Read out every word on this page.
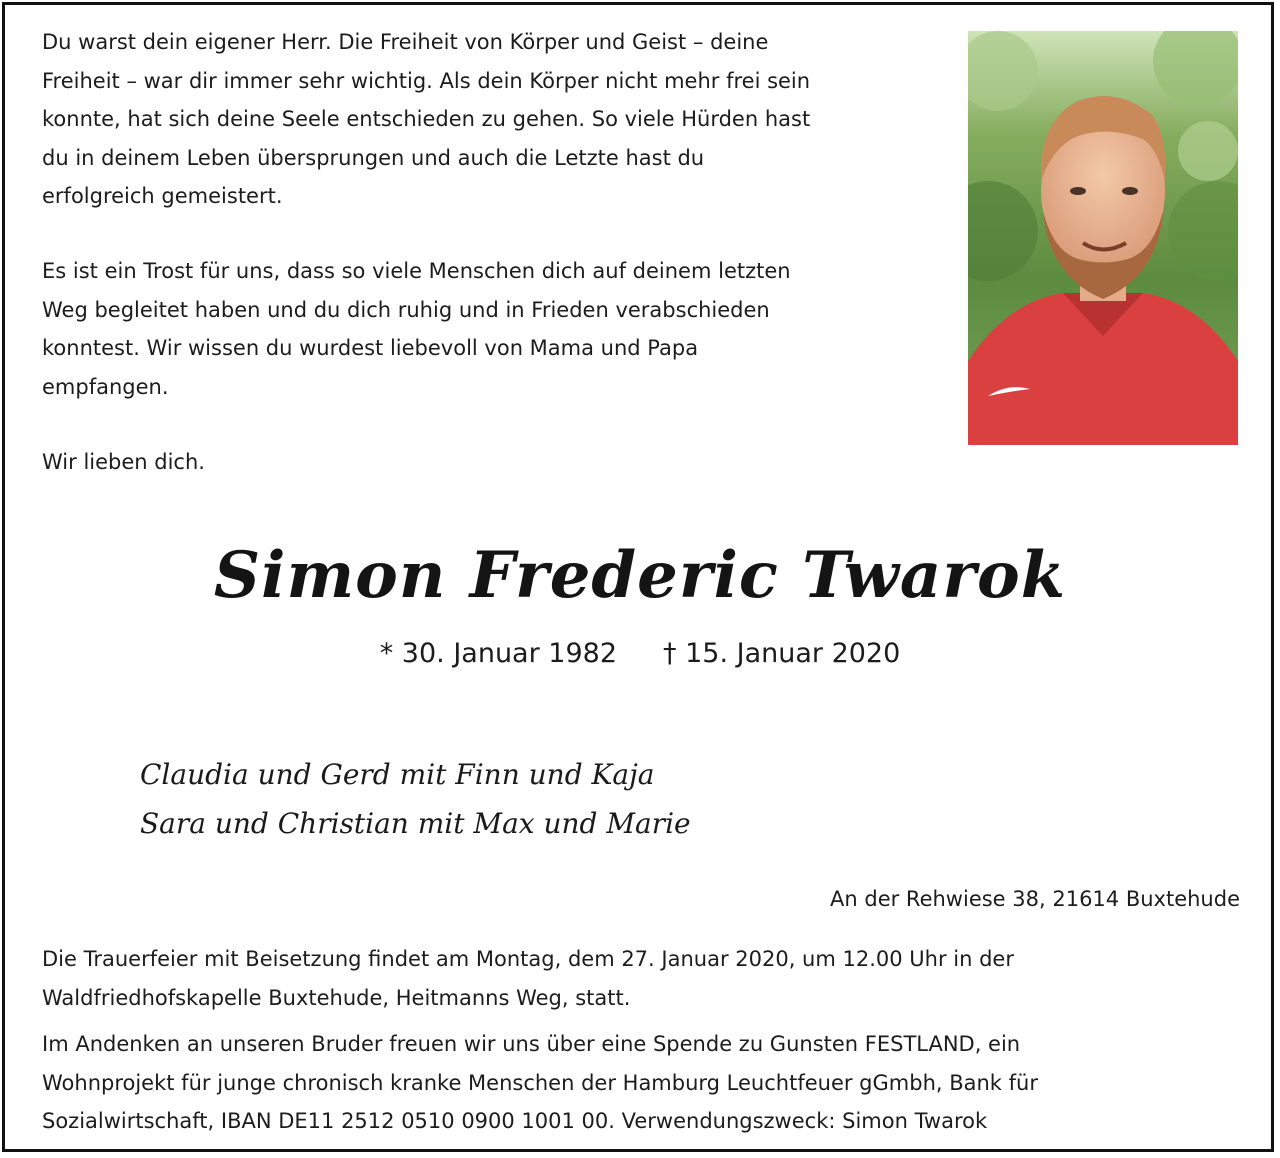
Du warst dein eigener Herr. Die Freiheit von Körper und Geist – deine
Freiheit – war dir immer sehr wichtig. Als dein Körper nicht mehr frei sein
konnte, hat sich deine Seele entschieden zu gehen. So viele Hürden hast
du in deinem Leben übersprungen und auch die Letzte hast du
erfolgreich gemeistert.
Es ist ein Trost für uns, dass so viele Menschen dich auf deinem letzten
Weg begleitet haben und du dich ruhig und in Frieden verabschieden
konntest. Wir wissen du wurdest liebevoll von Mama und Papa
empfangen.
Wir lieben dich.
Simon Frederic Twarok
* 30. Januar 1982 † 15. Januar 2020
Claudia und Gerd mit Finn und Kaja
Sara und Christian mit Max und Marie
An der Rehwiese 38, 21614 Buxtehude
Die Trauerfeier mit Beisetzung findet am Montag, dem 27. Januar 2020, um 12.00 Uhr in der
Waldfriedhofskapelle Buxtehude, Heitmanns Weg, statt.
Im Andenken an unseren Bruder freuen wir uns über eine Spende zu Gunsten FESTLAND, ein
Wohnprojekt für junge chronisch kranke Menschen der Hamburg Leuchtfeuer gGmbh, Bank für
Sozialwirtschaft, IBAN DE11 2512 0510 0900 1001 00. Verwendungszweck: Simon Twarok
